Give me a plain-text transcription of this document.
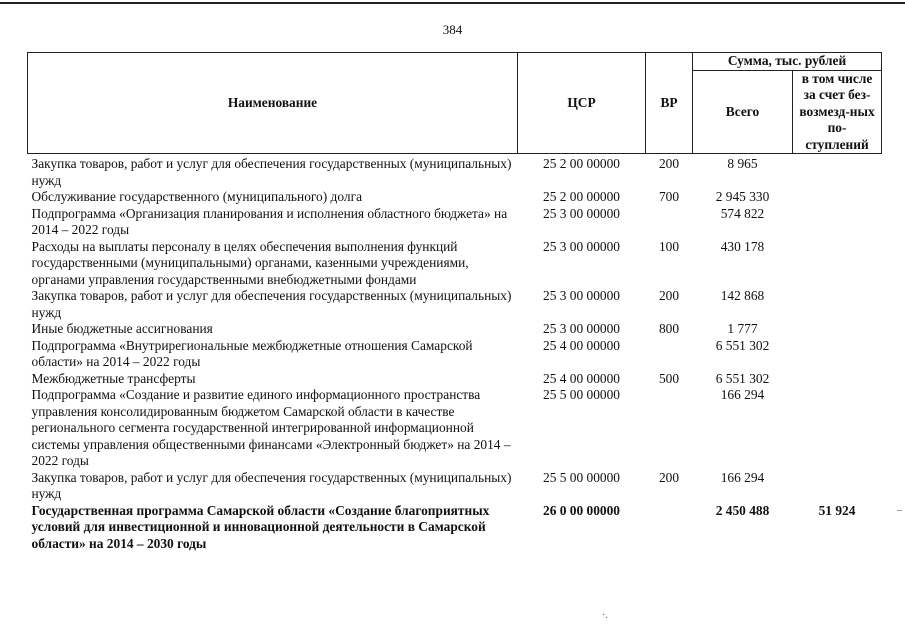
384
Наименование	ЦСР	ВР	Сумма, тыс. рублей	
			Всего	в том числе за счет без-возмезд-ных по-ступлений
Закупка товаров, работ и услуг для обеспечения государственных (муниципальных) нужд	25 2 00 00000	200	8 965	
Обслуживание государственного (муниципального) долга	25 2 00 00000	700	2 945 330	
Подпрограмма «Организация планирования и исполнения областного бюджета» на 2014 – 2022 годы	25 3 00 00000		574 822	
Расходы на выплаты персоналу в целях обеспечения выполнения функций государственными (муниципальными) органами, казенными учреждениями, органами управления государственными внебюджетными фондами	25 3 00 00000	100	430 178	
Закупка товаров, работ и услуг для обеспечения государственных (муниципальных) нужд	25 3 00 00000	200	142 868	
Иные бюджетные ассигнования	25 3 00 00000	800	1 777	
Подпрограмма «Внутрирегиональные межбюджетные отношения Самарской области» на 2014 – 2022 годы	25 4 00 00000		6 551 302	
Межбюджетные трансферты	25 4 00 00000	500	6 551 302	
Подпрограмма «Создание и развитие единого информационного пространства управления консолидированным бюджетом Самарской области в качестве регионального сегмента государственной интегрированной информационной системы управления общественными финансами «Электронный бюджет» на 2014 – 2022 годы	25 5 00 00000		166 294	
Закупка товаров, работ и услуг для обеспечения государственных (муниципальных) нужд	25 5 00 00000	200	166 294	
Государственная программа Самарской области «Создание благоприятных условий для инвестиционной и инновационной деятельности в Самарской области» на 2014 – 2030 годы	26 0 00 00000		2 450 488	51 924
·.
–
